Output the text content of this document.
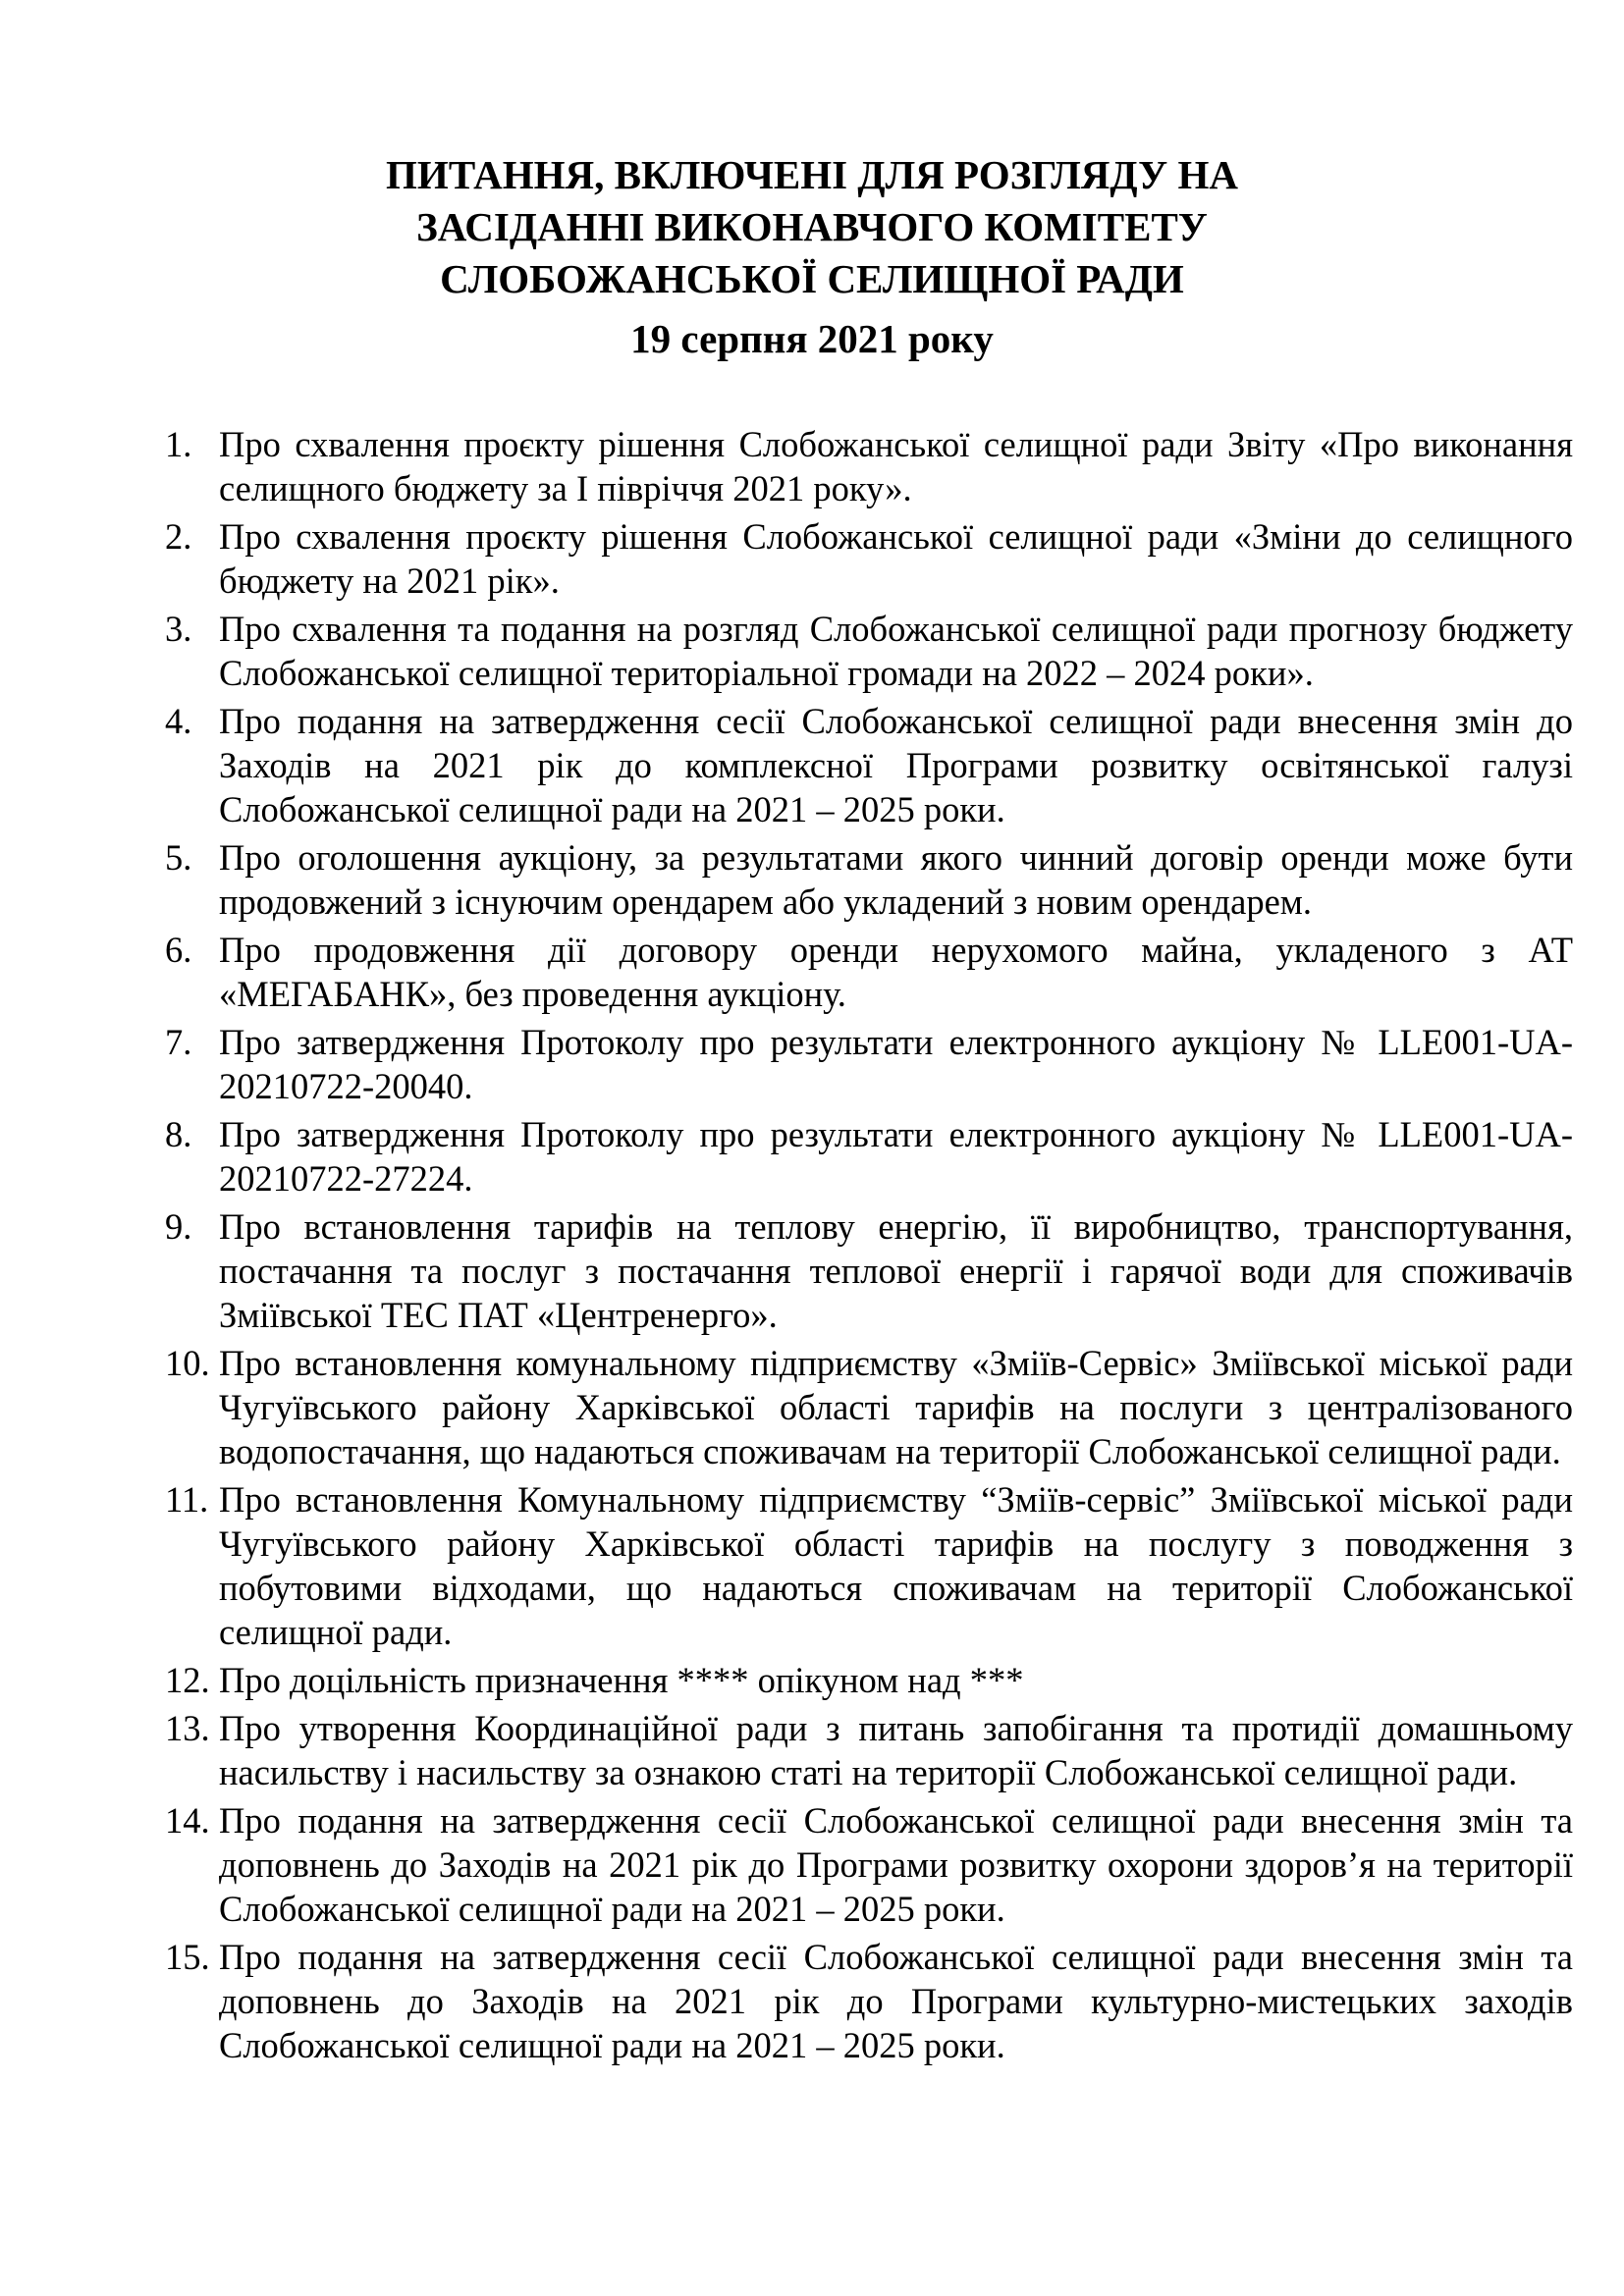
ПИТАННЯ, ВКЛЮЧЕНІ ДЛЯ РОЗГЛЯДУ НА
ЗАСІДАННІ ВИКОНАВЧОГО КОМІТЕТУ
СЛОБОЖАНСЬКОЇ СЕЛИЩНОЇ РАДИ
19 серпня 2021 року
1. Про схвалення проєкту рішення Слобожанської селищної ради Звіту «Про виконання селищного бюджету за І півріччя 2021 року».
2. Про схвалення проєкту рішення Слобожанської селищної ради «Зміни до селищного бюджету на 2021 рік».
3. Про схвалення та подання на розгляд Слобожанської селищної ради прогнозу бюджету Слобожанської селищної територіальної громади на 2022 – 2024 роки».
4. Про подання на затвердження сесії Слобожанської селищної ради внесення змін до Заходів на 2021 рік до комплексної Програми розвитку освітянської галузі Слобожанської селищної ради на 2021 – 2025 роки.
5. Про оголошення аукціону, за результатами якого чинний договір оренди може бути продовжений з існуючим орендарем або укладений з новим орендарем.
6. Про продовження дії договору оренди нерухомого майна, укладеного з АТ «МЕГАБАНК», без проведення аукціону.
7. Про затвердження Протоколу про результати електронного аукціону № LLE001-UA-20210722-20040.
8. Про затвердження Протоколу про результати електронного аукціону № LLE001-UA-20210722-27224.
9. Про встановлення тарифів на теплову енергію, її виробництво, транспортування, постачання та послуг з постачання теплової енергії і гарячої води для споживачів Зміївської ТЕС ПАТ «Центренерго».
10. Про встановлення комунальному підприємству «Зміїв-Сервіс» Зміївської міської ради Чугуївського району Харківської області тарифів на послуги з централізованого водопостачання, що надаються споживачам на території Слобожанської селищної ради.
11. Про встановлення Комунальному підприємству “Зміїв-сервіс” Зміївської міської ради Чугуївського району Харківської області тарифів на послугу з поводження з побутовими відходами, що надаються споживачам на території Слобожанської селищної ради.
12. Про доцільність призначення **** опікуном над ***
13. Про утворення Координаційної ради з питань запобігання та протидії домашньому насильству і насильству за ознакою статі на території Слобожанської селищної ради.
14. Про подання на затвердження сесії Слобожанської селищної ради внесення змін та доповнень до Заходів на 2021 рік до Програми розвитку охорони здоров’я на території Слобожанської селищної ради на 2021 – 2025 роки.
15. Про подання на затвердження сесії Слобожанської селищної ради внесення змін та доповнень до Заходів на 2021 рік до Програми культурно-мистецьких заходів Слобожанської селищної ради на 2021 – 2025 роки.
